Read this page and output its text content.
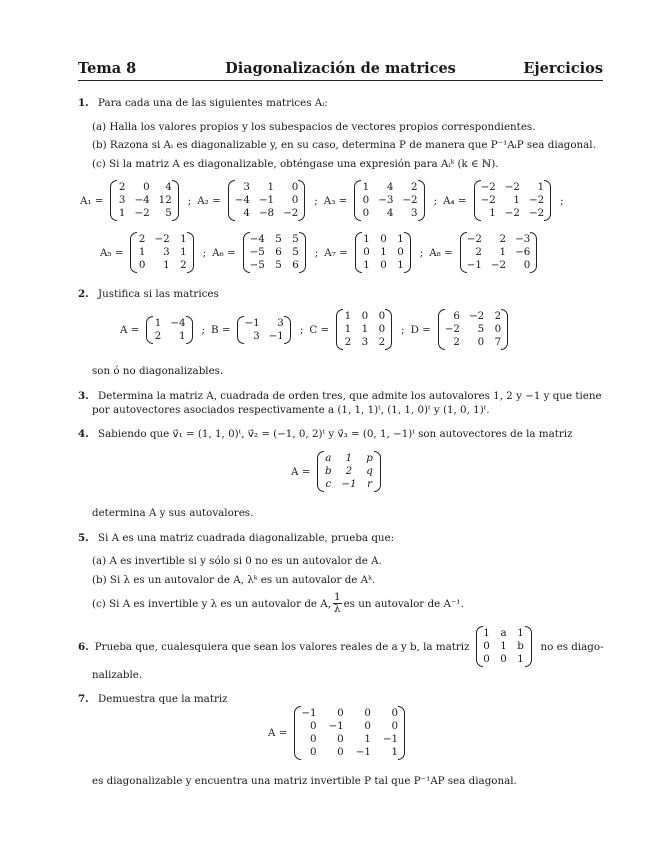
Tema 8	Diagonalización de matrices	Ejercicios
1. Para cada una de las siguientes matrices Aᵢ:
(a) Halla los valores propios y los subespacios de vectores propios correspondientes.
(b) Razona si Aᵢ es diagonalizable y, en su caso, determina P de manera que P⁻¹AᵢP sea diagonal.
(c) Si la matriz A es diagonalizable, obténgase una expresión para Aᵢᵏ (k ∈ ℕ).
A₁ =
2	0	4
3 −4 12
1 −2	5
; A₂ =
3	1	0
−4 −1	0
4 −8 −2
; A₃ =
1	4	2
0 −3 −2
0	4	3
; A₄ =
−2 −2	1
−2	1 −2
1 −2 −2
;
A₅ =
2 −2 1
1	3 1
0	1 2
; A₆ =
−4 5 5
−5 6 5
−5 5 6
; A₇ =
1 0 1
0 1 0
1 0 1
; A₈ =
−2	2 −3
2	1 −6
−1 −2	0
2. Justifica si las matrices
A =
1 −4
2	1 ; B =
−1	3
3 −1 ; C =
1 0 0
1 1 0
2 3 2
; D =
6 −2 2
−2	5 0
2	0 7
son ó no diagonalizables.
3. Determina la matriz A, cuadrada de orden tres, que admite los autovalores 1, 2 y −1 y que tiene
por autovectores asociados respectivamente a (1, 1, 1)ᵗ, (1, 1, 0)ᵗ y (1, 0, 1)ᵗ.
4. Sabiendo que v⃗₁ = (1, 1, 0)ᵗ, v⃗₂ = (−1, 0, 2)ᵗ y v⃗₃ = (0, 1, −1)ᵗ son autovectores de la matriz
A =
a	1	p
b	2	q
c −1 r
determina A y sus autovalores.
5. Si A es una matriz cuadrada diagonalizable, prueba que:
(a) A es invertible si y sólo si 0 no es un autovalor de A.
(b) Si λ es un autovalor de A, λᵏ es un autovalor de Aᵏ.
(c) Si A es invertible y λ es un autovalor de A, $\frac{1}{\lambda}$ es un autovalor de A⁻¹.
6. Prueba que, cualesquiera que sean los valores reales de a y b, la matriz
1 a 1
0 1 b
0 0 1
no es diago-
nalizable.
7. Demuestra que la matriz
A =
−1	0	0	0
0 −1	0	0
0	0	1 −1
0	0 −1	1
es diagonalizable y encuentra una matriz invertible P tal que P⁻¹AP sea diagonal.
